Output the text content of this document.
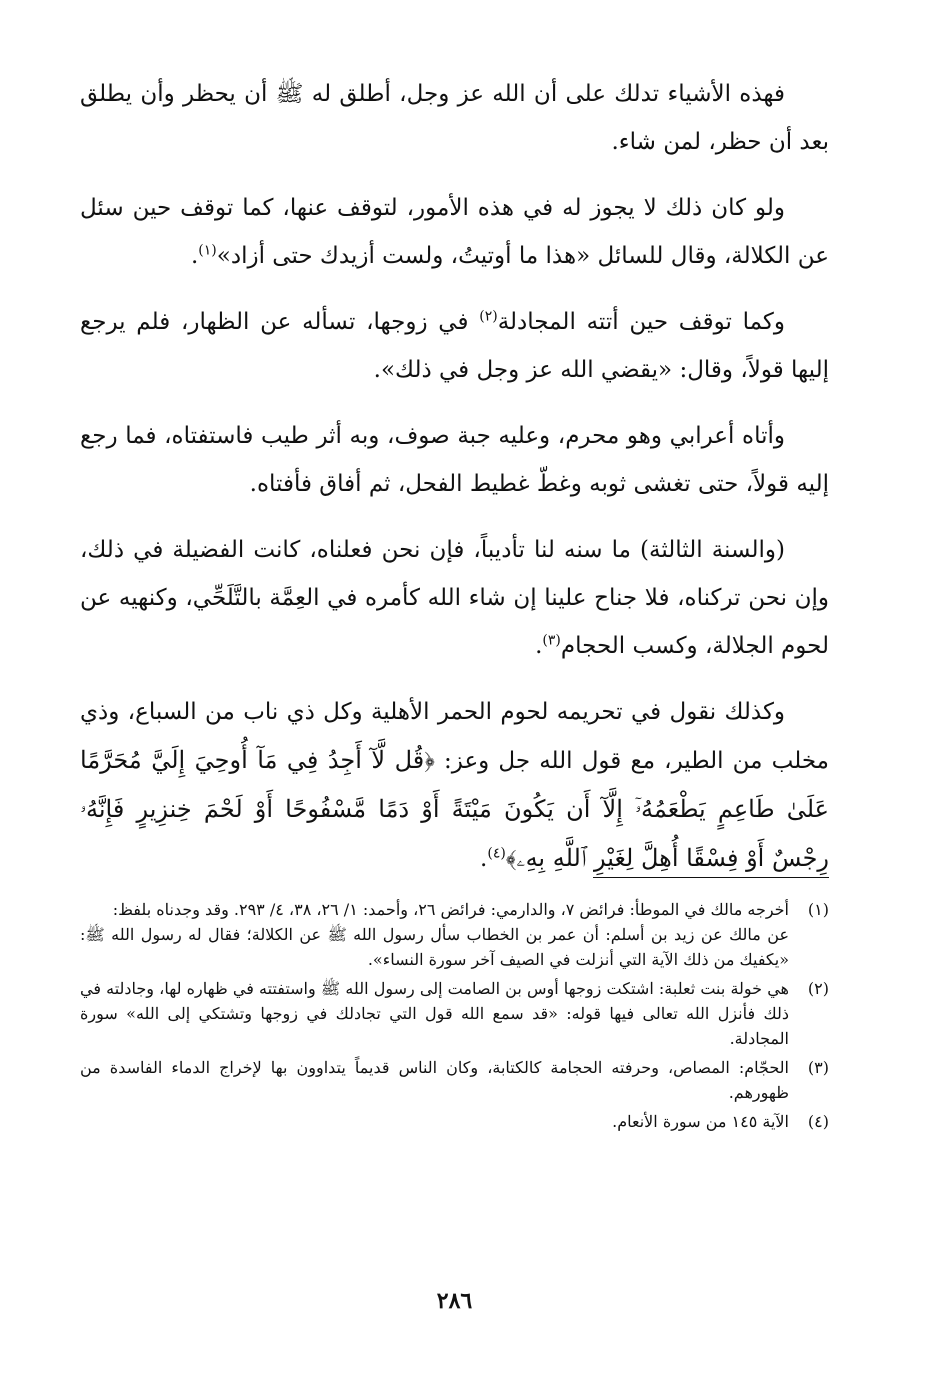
فهذه الأشياء تدلك على أن الله عز وجل، أطلق له ﷺ أن يحظر وأن يطلق بعد أن حظر، لمن شاء.

ولو كان ذلك لا يجوز له في هذه الأمور، لتوقف عنها، كما توقف حين سئل عن الكلالة، وقال للسائل «هذا ما أوتيتُ، ولست أزيدك حتى أزاد»$^{(١)}$.

وكما توقف حين أتته المجادلة$^{(٢)}$ في زوجها، تسأله عن الظهار، فلم يرجع إليها قولاً، وقال: «يقضي الله عز وجل في ذلك».

وأتاه أعرابي وهو محرم، وعليه جبة صوف، وبه أثر طيب فاستفتاه، فما رجع إليه قولاً، حتى تغشى ثوبه وغطّ غطيط الفحل، ثم أفاق فأفتاه.

(والسنة الثالثة) ما سنه لنا تأديباً، فإن نحن فعلناه، كانت الفضيلة في ذلك، وإن نحن تركناه، فلا جناح علينا إن شاء الله كأمره في العِمَّة بالتَّلَحِّي، وكنهيه عن لحوم الجلالة، وكسب الحجام$^{(٣)}$.

وكذلك نقول في تحريمه لحوم الحمر الأهلية وكل ذي ناب من السباع، وذي مخلب من الطير، مع قول الله جل وعز: ﴿قُل لَّآ أَجِدُ فِي مَآ أُوحِيَ إِلَيَّ مُحَرَّمًا عَلَىٰ طَاعِمٍ يَطْعَمُهُۥٓ إِلَّآ أَن يَكُونَ مَيْتَةً أَوْ دَمًا مَّسْفُوحًا أَوْ لَحْمَ خِنزِيرٍ فَإِنَّهُۥ رِجْسٌ أَوْ فِسْقًا أُهِلَّ لِغَيْرِ ٱللَّهِ بِهِۦ﴾$^{(٤)}$.

(١)
أخرجه مالك في الموطأ: فرائض ٧، والدارمي: فرائض ٢٦، وأحمد: ١/ ٢٦، ٣٨، ٤/ ٢٩٣. وقد وجدناه بلفظ:
عن مالك عن زيد بن أسلم: أن عمر بن الخطاب سأل رسول الله ﷺ عن الكلالة؛ فقال له رسول الله ﷺ: «يكفيك من ذلك الآية التي أنزلت في الصيف آخر سورة النساء».
(٢)
هي خولة بنت ثعلبة: اشتكت زوجها أوس بن الصامت إلى رسول الله ﷺ واستفتته في ظهاره لها، وجادلته في ذلك فأنزل الله تعالى فيها قوله: «قد سمع الله قول التي تجادلك في زوجها وتشتكي إلى الله» سورة المجادلة.
(٣)
الحجّام: المصاص، وحرفته الحجامة كالكتابة، وكان الناس قديماً يتداوون بها لإخراج الدماء الفاسدة من ظهورهم.
(٤)
الآية ١٤٥ من سورة الأنعام.
٢٨٦
